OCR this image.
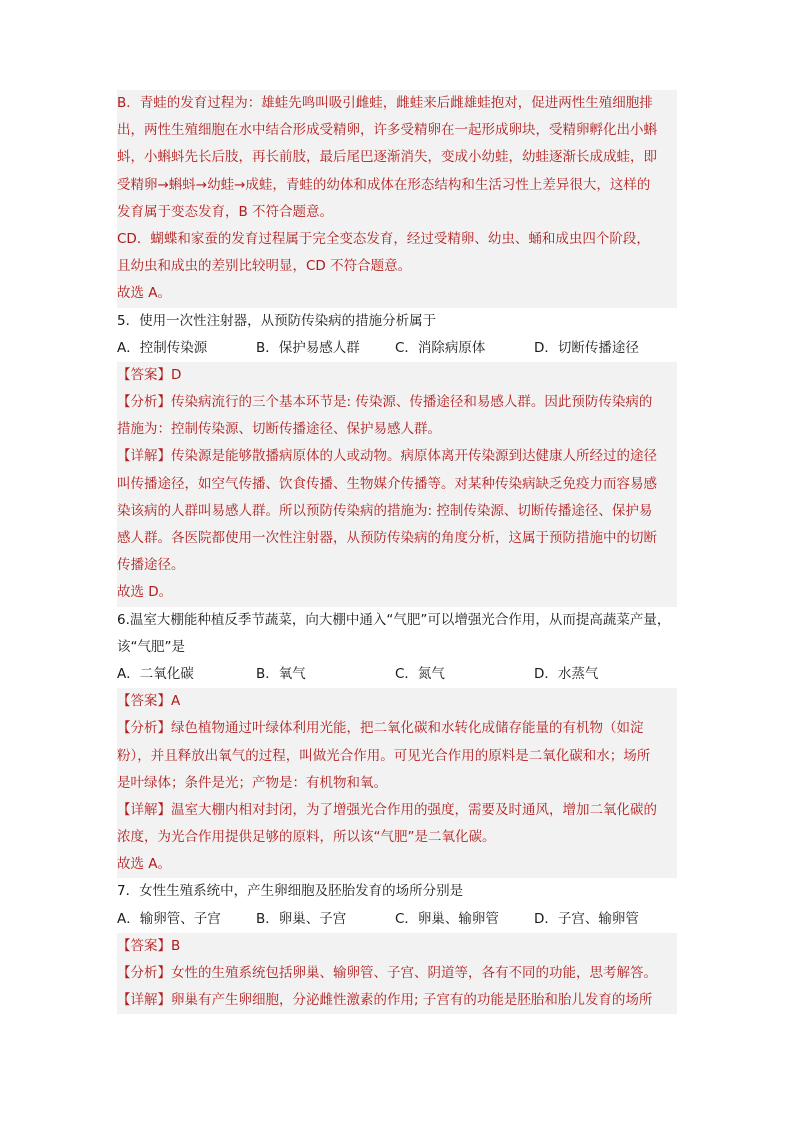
B．青蛙的发育过程为：雄蛙先鸣叫吸引雌蛙，雌蛙来后雌雄蛙抱对，促进两性生殖细胞排
出，两性生殖细胞在水中结合形成受精卵，许多受精卵在一起形成卵块，受精卵孵化出小蝌
蚪，小蝌蚪先长后肢，再长前肢，最后尾巴逐渐消失，变成小幼蛙，幼蛙逐渐长成成蛙，即
受精卵→蝌蚪→幼蛙→成蛙，青蛙的幼体和成体在形态结构和生活习性上差异很大，这样的
发育属于变态发育，B 不符合题意。
CD．蝴蝶和家蚕的发育过程属于完全变态发育，经过受精卵、幼虫、蛹和成虫四个阶段，
且幼虫和成虫的差别比较明显，CD 不符合题意。
故选 A。
5．使用一次性注射器，从预防传染病的措施分析属于
A．控制传染源	B．保护易感人群	C．消除病原体	D．切断传播途径
【答案】D
【分析】传染病流行的三个基本环节是: 传染源、传播途径和易感人群。因此预防传染病的
措施为：控制传染源、切断传播途径、保护易感人群。
【详解】传染源是能够散播病原体的人或动物。病原体离开传染源到达健康人所经过的途径
叫传播途径，如空气传播、饮食传播、生物媒介传播等。对某种传染病缺乏免疫力而容易感
染该病的人群叫易感人群。所以预防传染病的措施为: 控制传染源、切断传播途径、保护易
感人群。各医院都使用一次性注射器，从预防传染病的角度分析，这属于预防措施中的切断
传播途径。
故选 D。
6.温室大棚能种植反季节蔬菜，向大棚中通入“气肥”可以增强光合作用，从而提高蔬菜产量，
该“气肥”是
A．二氧化碳	B．氧气	C．氮气	D．水蒸气
【答案】A
【分析】绿色植物通过叶绿体利用光能，把二氧化碳和水转化成储存能量的有机物（如淀
粉），并且释放出氧气的过程，叫做光合作用。可见光合作用的原料是二氧化碳和水；场所
是叶绿体；条件是光；产物是：有机物和氧。
【详解】温室大棚内相对封闭，为了增强光合作用的强度，需要及时通风，增加二氧化碳的
浓度，为光合作用提供足够的原料，所以该“气肥”是二氧化碳。
故选 A。
7．女性生殖系统中，产生卵细胞及胚胎发育的场所分别是
A．输卵管、子宫	B．卵巢、子宫	C．卵巢、输卵管	D．子宫、输卵管
【答案】B
【分析】女性的生殖系统包括卵巢、输卵管、子宫、阴道等，各有不同的功能，思考解答。
【详解】卵巢有产生卵细胞，分泌雌性激素的作用; 子宫有的功能是胚胎和胎儿发育的场所
